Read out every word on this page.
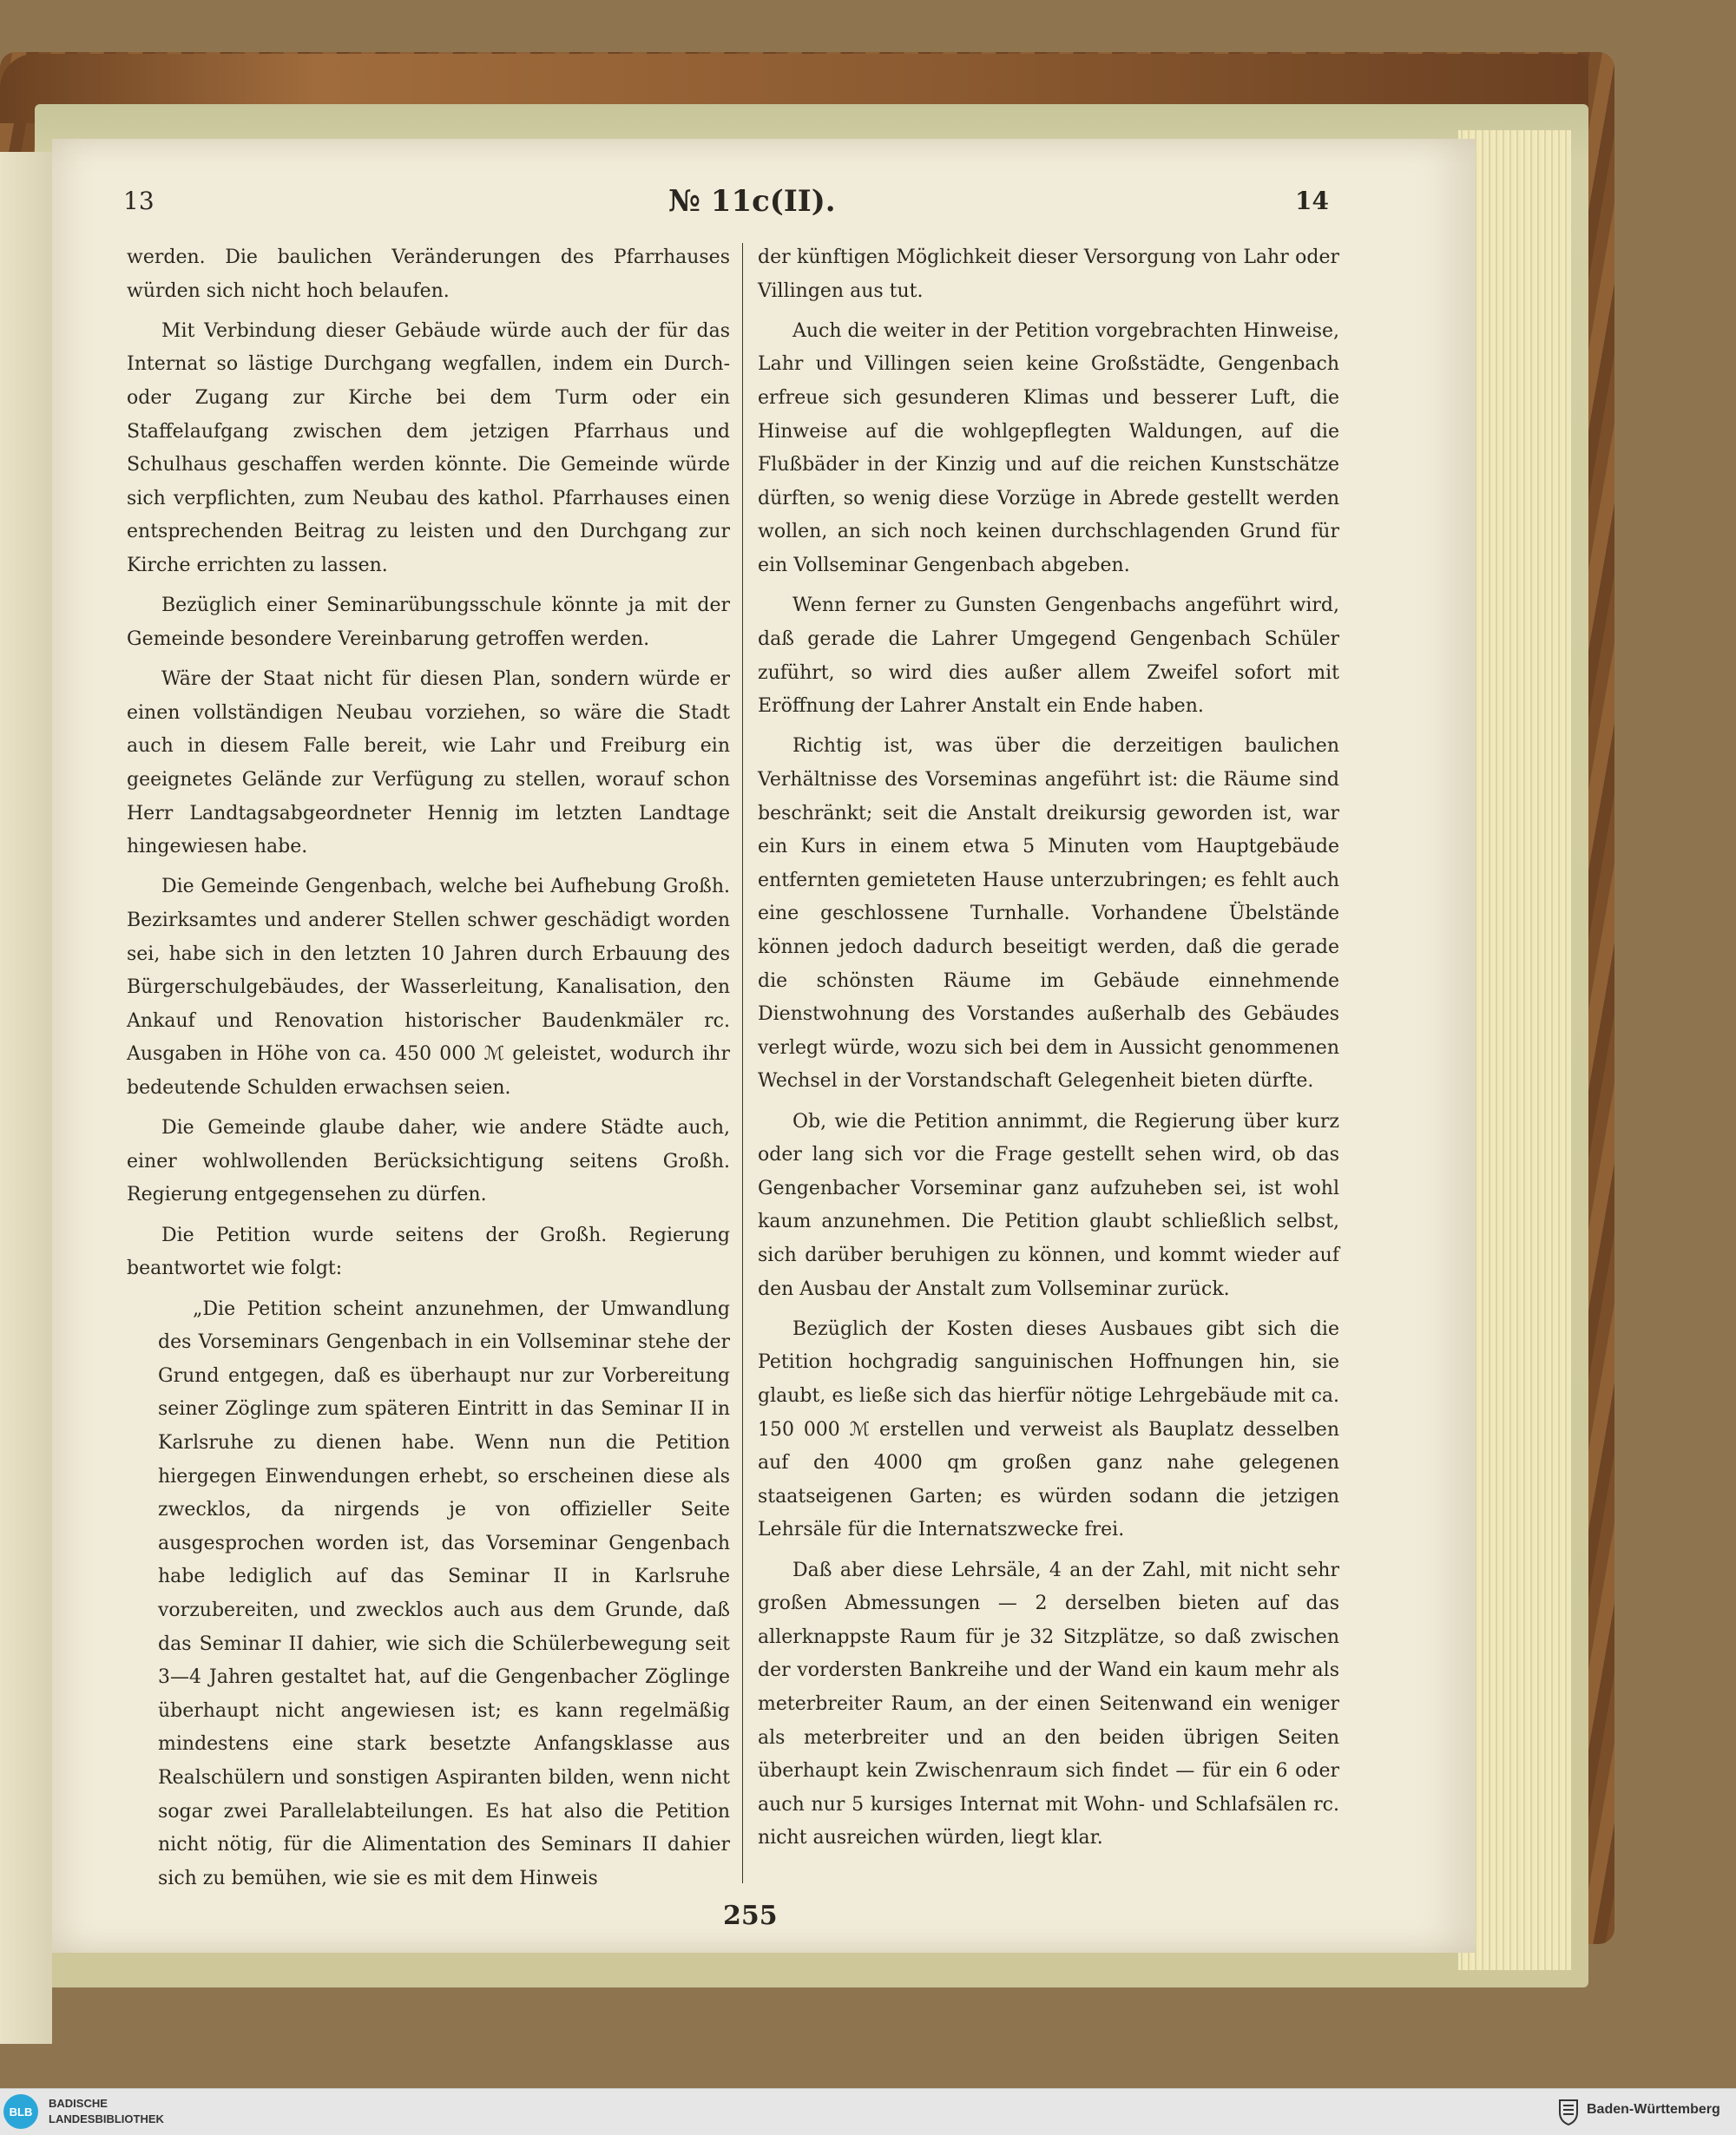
13	№ 11c(II).	14

werden. Die baulichen Veränderungen des Pfarrhauses würden sich nicht hoch belaufen.

Mit Verbindung dieser Gebäude würde auch der für das Internat so lästige Durchgang wegfallen, indem ein Durch- oder Zugang zur Kirche bei dem Turm oder ein Staffelaufgang zwischen dem jetzigen Pfarrhaus und Schulhaus geschaffen werden könnte. Die Gemeinde würde sich verpflichten, zum Neubau des kathol. Pfarrhauses einen entsprechenden Beitrag zu leisten und den Durchgang zur Kirche errichten zu lassen.

Bezüglich einer Seminarübungsschule könnte ja mit der Gemeinde besondere Vereinbarung getroffen werden.

Wäre der Staat nicht für diesen Plan, sondern würde er einen vollständigen Neubau vorziehen, so wäre die Stadt auch in diesem Falle bereit, wie Lahr und Freiburg ein geeignetes Gelände zur Verfügung zu stellen, worauf schon Herr Landtagsabgeordneter Hennig im letzten Landtage hingewiesen habe.

Die Gemeinde Gengenbach, welche bei Aufhebung Großh. Bezirksamtes und anderer Stellen schwer geschädigt worden sei, habe sich in den letzten 10 Jahren durch Erbauung des Bürgerschulgebäudes, der Wasserleitung, Kanalisation, den Ankauf und Renovation historischer Baudenkmäler rc. Ausgaben in Höhe von ca. 450 000 ℳ geleistet, wodurch ihr bedeutende Schulden erwachsen seien.

Die Gemeinde glaube daher, wie andere Städte auch, einer wohlwollenden Berücksichtigung seitens Großh. Regierung entgegensehen zu dürfen.

Die Petition wurde seitens der Großh. Regierung beantwortet wie folgt:

„Die Petition scheint anzunehmen, der Umwandlung des Vorseminars Gengenbach in ein Vollseminar stehe der Grund entgegen, daß es überhaupt nur zur Vorbereitung seiner Zöglinge zum späteren Eintritt in das Seminar II in Karlsruhe zu dienen habe. Wenn nun die Petition hiergegen Einwendungen erhebt, so erscheinen diese als zwecklos, da nirgends je von offizieller Seite ausgesprochen worden ist, das Vorseminar Gengenbach habe lediglich auf das Seminar II in Karlsruhe vorzubereiten, und zwecklos auch aus dem Grunde, daß das Seminar II dahier, wie sich die Schülerbewegung seit 3—4 Jahren gestaltet hat, auf die Gengenbacher Zöglinge überhaupt nicht angewiesen ist; es kann regelmäßig mindestens eine stark besetzte Anfangsklasse aus Realschülern und sonstigen Aspiranten bilden, wenn nicht sogar zwei Parallelabteilungen. Es hat also die Petition nicht nötig, für die Alimentation des Seminars II dahier sich zu bemühen, wie sie es mit dem Hinweis

der künftigen Möglichkeit dieser Versorgung von Lahr oder Villingen aus tut.

Auch die weiter in der Petition vorgebrachten Hinweise, Lahr und Villingen seien keine Großstädte, Gengenbach erfreue sich gesunderen Klimas und besserer Luft, die Hinweise auf die wohlgepflegten Waldungen, auf die Flußbäder in der Kinzig und auf die reichen Kunstschätze dürften, so wenig diese Vorzüge in Abrede gestellt werden wollen, an sich noch keinen durchschlagenden Grund für ein Vollseminar Gengenbach abgeben.

Wenn ferner zu Gunsten Gengenbachs angeführt wird, daß gerade die Lahrer Umgegend Gengenbach Schüler zuführt, so wird dies außer allem Zweifel sofort mit Eröffnung der Lahrer Anstalt ein Ende haben.

Richtig ist, was über die derzeitigen baulichen Verhältnisse des Vorseminas angeführt ist: die Räume sind beschränkt; seit die Anstalt dreikursig geworden ist, war ein Kurs in einem etwa 5 Minuten vom Hauptgebäude entfernten gemieteten Hause unterzubringen; es fehlt auch eine geschlossene Turnhalle. Vorhandene Übelstände können jedoch dadurch beseitigt werden, daß die gerade die schönsten Räume im Gebäude einnehmende Dienstwohnung des Vorstandes außerhalb des Gebäudes verlegt würde, wozu sich bei dem in Aussicht genommenen Wechsel in der Vorstandschaft Gelegenheit bieten dürfte.

Ob, wie die Petition annimmt, die Regierung über kurz oder lang sich vor die Frage gestellt sehen wird, ob das Gengenbacher Vorseminar ganz aufzuheben sei, ist wohl kaum anzunehmen. Die Petition glaubt schließlich selbst, sich darüber beruhigen zu können, und kommt wieder auf den Ausbau der Anstalt zum Vollseminar zurück.

Bezüglich der Kosten dieses Ausbaues gibt sich die Petition hochgradig sanguinischen Hoffnungen hin, sie glaubt, es ließe sich das hierfür nötige Lehrgebäude mit ca. 150 000 ℳ erstellen und verweist als Bauplatz desselben auf den 4000 qm großen ganz nahe gelegenen staatseigenen Garten; es würden sodann die jetzigen Lehrsäle für die Internatszwecke frei.

Daß aber diese Lehrsäle, 4 an der Zahl, mit nicht sehr großen Abmessungen — 2 derselben bieten auf das allerknappste Raum für je 32 Sitzplätze, so daß zwischen der vordersten Bankreihe und der Wand ein kaum mehr als meterbreiter Raum, an der einen Seitenwand ein weniger als meterbreiter und an den beiden übrigen Seiten überhaupt kein Zwischenraum sich findet — für ein 6 oder auch nur 5 kursiges Internat mit Wohn- und Schlafsälen rc. nicht ausreichen würden, liegt klar.

255
BLB
BADISCHE
LANDESBIBLIOTHEK
Baden-Württemberg
